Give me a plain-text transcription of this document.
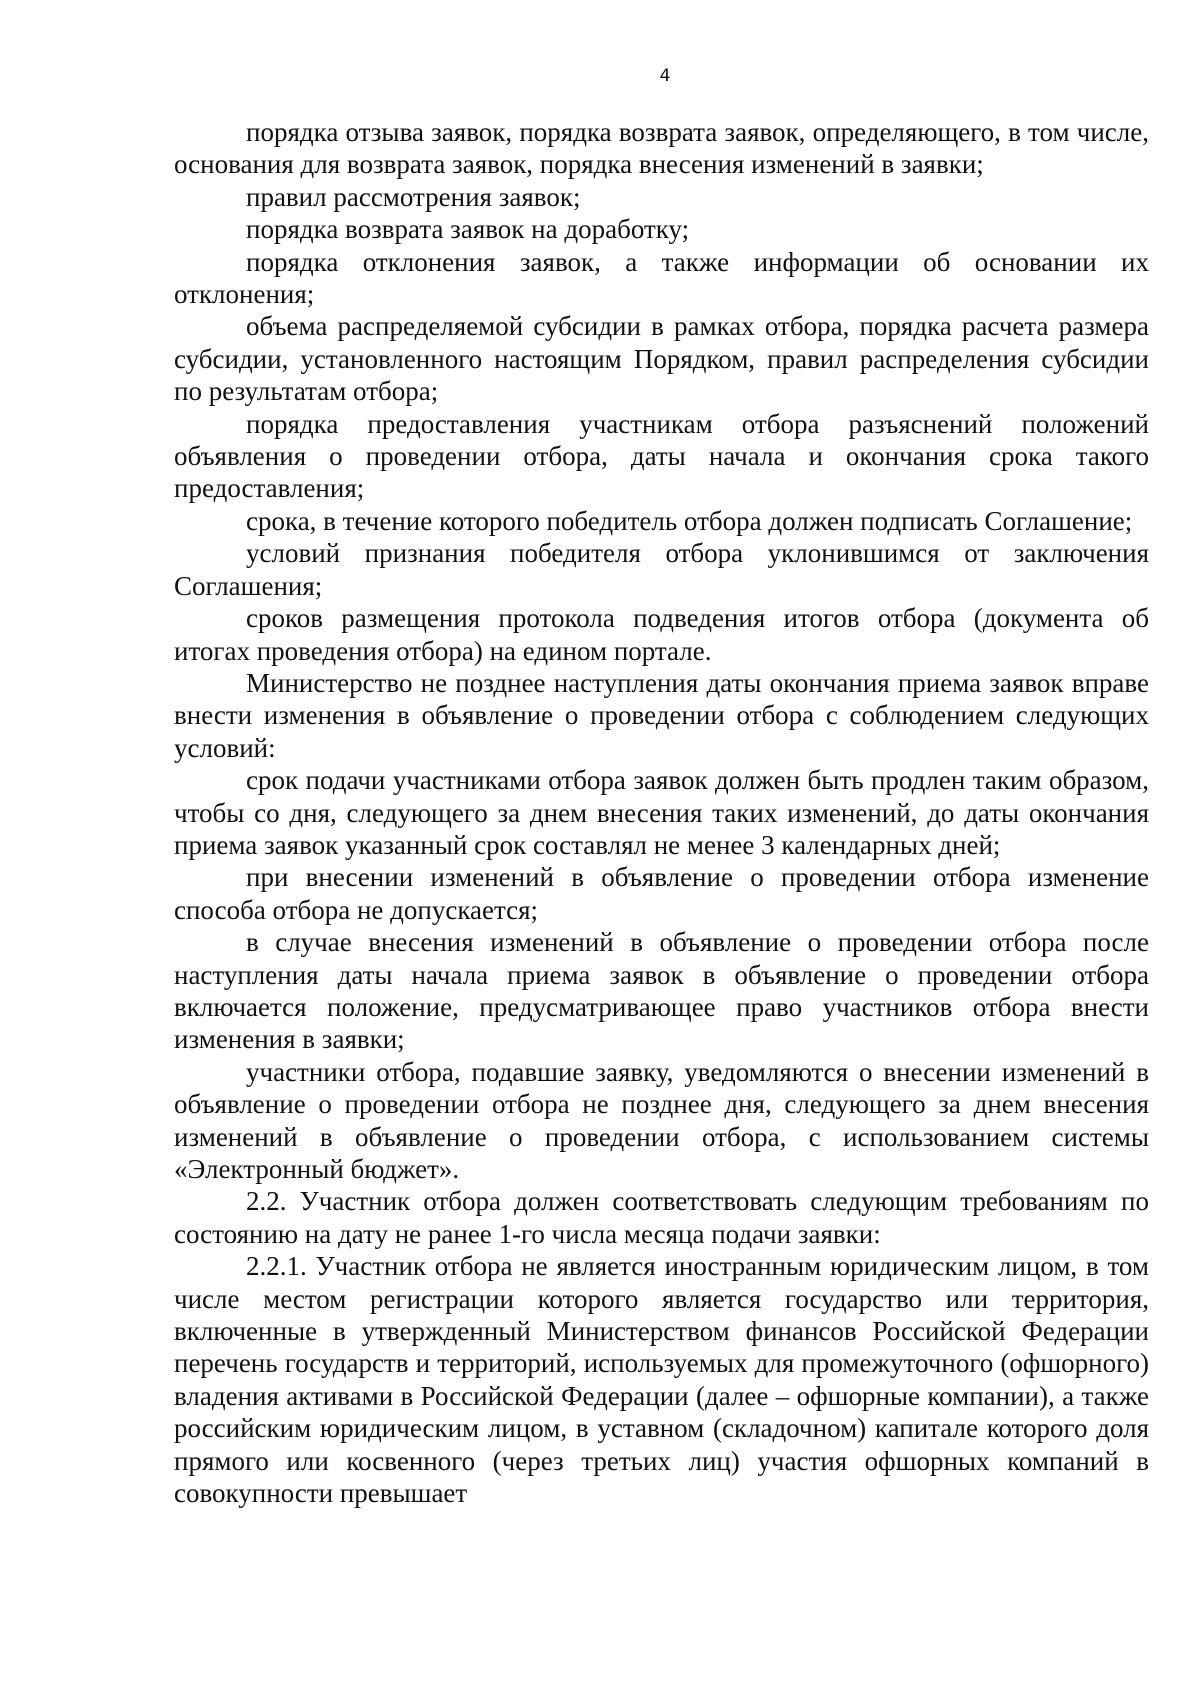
4

порядка отзыва заявок, порядка возврата заявок, определяющего, в том числе, основания для возврата заявок, порядка внесения изменений в заявки;

правил рассмотрения заявок;

порядка возврата заявок на доработку;

порядка отклонения заявок, а также информации об основании их отклонения;

объема распределяемой субсидии в рамках отбора, порядка расчета размера субсидии, установленного настоящим Порядком, правил распределения субсидии по результатам отбора;

порядка предоставления участникам отбора разъяснений положений объявления о проведении отбора, даты начала и окончания срока такого предоставления;

срока, в течение которого победитель отбора должен подписать Соглашение;

условий признания победителя отбора уклонившимся от заключения Соглашения;

сроков размещения протокола подведения итогов отбора (документа об итогах проведения отбора) на едином портале.

Министерство не позднее наступления даты окончания приема заявок вправе внести изменения в объявление о проведении отбора с соблюдением следующих условий:

срок подачи участниками отбора заявок должен быть продлен таким образом, чтобы со дня, следующего за днем внесения таких изменений, до даты окончания приема заявок указанный срок составлял не менее 3 календарных дней;

при внесении изменений в объявление о проведении отбора изменение способа отбора не допускается;

в случае внесения изменений в объявление о проведении отбора после наступления даты начала приема заявок в объявление о проведении отбора включается положение, предусматривающее право участников отбора внести изменения в заявки;

участники отбора, подавшие заявку, уведомляются о внесении изменений в объявление о проведении отбора не позднее дня, следующего за днем внесения изменений в объявление о проведении отбора, с использованием системы «Электронный бюджет».

2.2. Участник отбора должен соответствовать следующим требованиям по состоянию на дату не ранее 1-го числа месяца подачи заявки:

2.2.1. Участник отбора не является иностранным юридическим лицом, в том числе местом регистрации которого является государство или территория, включенные в утвержденный Министерством финансов Российской Федерации перечень государств и территорий, используемых для промежуточного (офшорного) владения активами в Российской Федерации (далее – офшорные компании), а также российским юридическим лицом, в уставном (складочном) капитале которого доля прямого или косвенного (через третьих лиц) участия офшорных компаний в совокупности превышает
